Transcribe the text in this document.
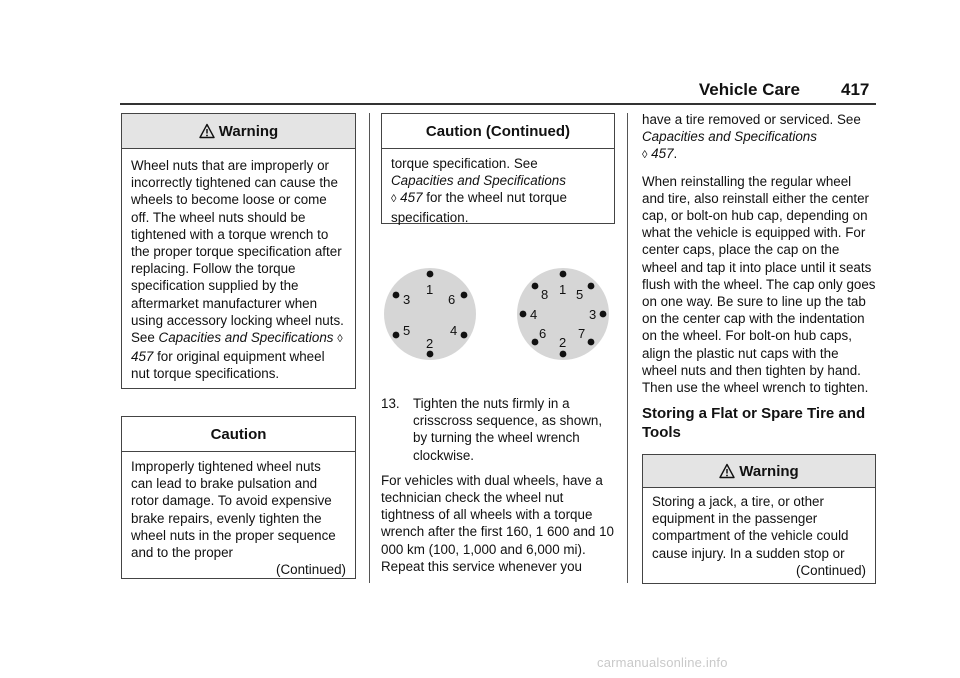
Vehicle Care 417
Warning
Wheel nuts that are improperly or incorrectly tightened can cause the wheels to become loose or come off. The wheel nuts should be tightened with a torque wrench to the proper torque specification after replacing. Follow the torque specification supplied by the aftermarket manufacturer when using accessory locking wheel nuts. See Capacities and Specifications ◊ 457 for original equipment wheel nut torque specifications.
Caution
Improperly tightened wheel nuts can lead to brake pulsation and rotor damage. To avoid expensive brake repairs, evenly tighten the wheel nuts in the proper sequence and to the proper
(Continued)
Caution (Continued)
torque specification. See
Capacities and Specifications
◊ 457 for the wheel nut torque specification.
1
2
3
4
5
6
1
2
3
4
5
6 7
8
13. Tighten the nuts firmly in a crisscross sequence, as shown, by turning the wheel wrench clockwise.

For vehicles with dual wheels, have a technician check the wheel nut tightness of all wheels with a torque wrench after the first 160, 1 600 and 10 000 km (100, 1,000 and 6,000 mi). Repeat this service whenever you

have a tire removed or serviced. See Capacities and Specifications
◊ 457.

When reinstalling the regular wheel and tire, also reinstall either the center cap, or bolt-on hub cap, depending on what the vehicle is equipped with. For center caps, place the cap on the wheel and tap it into place until it seats flush with the wheel. The cap only goes on one way. Be sure to line up the tab on the center cap with the indentation on the wheel. For bolt-on hub caps, align the plastic nut caps with the wheel nuts and then tighten by hand. Then use the wheel wrench to tighten.

Storing a Flat or Spare Tire and Tools
Warning
Storing a jack, a tire, or other equipment in the passenger compartment of the vehicle could cause injury. In a sudden stop or
(Continued)
carmanualsonline.info
